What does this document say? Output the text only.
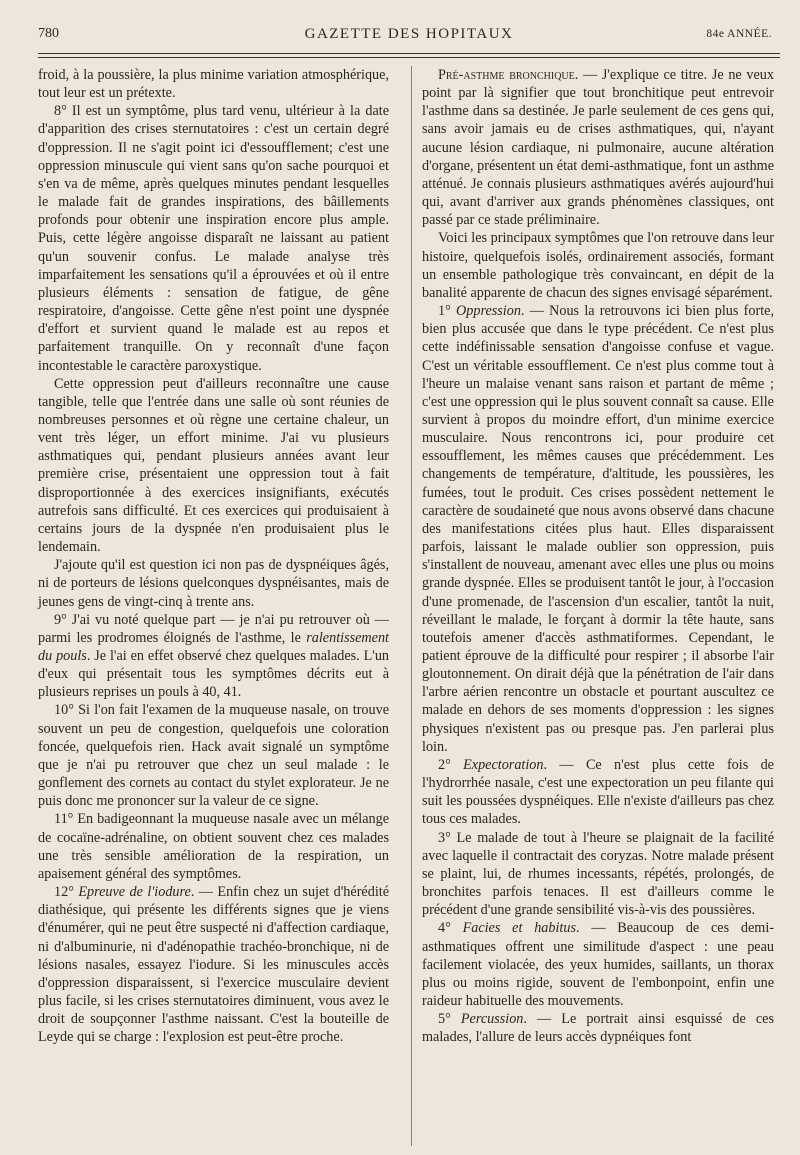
780	GAZETTE DES HOPITAUX	84e ANNÉE.

froid, à la poussière, la plus minime variation atmosphérique, tout leur est un prétexte.

8° Il est un symptôme, plus tard venu, ultérieur à la date d'apparition des crises sternutatoires : c'est un certain degré d'oppression. Il ne s'agit point ici d'essoufflement; c'est une oppression minuscule qui vient sans qu'on sache pourquoi et s'en va de même, après quelques minutes pendant lesquelles le malade fait de grandes inspirations, des bâillements profonds pour obtenir une inspiration encore plus ample. Puis, cette légère angoisse disparaît ne laissant au patient qu'un souvenir confus. Le malade analyse très imparfaitement les sensations qu'il a éprouvées et où il entre plusieurs éléments : sensation de fatigue, de gêne respiratoire, d'angoisse. Cette gêne n'est point une dyspnée d'effort et survient quand le malade est au repos et parfaitement tranquille. On y reconnaît d'une façon incontestable le caractère paroxystique.

Cette oppression peut d'ailleurs reconnaître une cause tangible, telle que l'entrée dans une salle où sont réunies de nombreuses personnes et où règne une certaine chaleur, un vent très léger, un effort minime. J'ai vu plusieurs asthmatiques qui, pendant plusieurs années avant leur première crise, présentaient une oppression tout à fait disproportionnée à des exercices insignifiants, exécutés autrefois sans difficulté. Et ces exercices qui produisaient à certains jours de la dyspnée n'en produisaient plus le lendemain.

J'ajoute qu'il est question ici non pas de dyspnéiques âgés, ni de porteurs de lésions quelconques dyspnéisantes, mais de jeunes gens de vingt-cinq à trente ans.

9° J'ai vu noté quelque part — je n'ai pu retrouver où — parmi les prodromes éloignés de l'asthme, le ralentissement du pouls. Je l'ai en effet observé chez quelques malades. L'un d'eux qui présentait tous les symptômes décrits eut à plusieurs reprises un pouls à 40, 41.

10° Si l'on fait l'examen de la muqueuse nasale, on trouve souvent un peu de congestion, quelquefois une coloration foncée, quelquefois rien. Hack avait signalé un symptôme que je n'ai pu retrouver que chez un seul malade : le gonflement des cornets au contact du stylet explorateur. Je ne puis donc me prononcer sur la valeur de ce signe.

11° En badigeonnant la muqueuse nasale avec un mélange de cocaïne-adrénaline, on obtient souvent chez ces malades une très sensible amélioration de la respiration, un apaisement général des symptômes.

12° Epreuve de l'iodure. — Enfin chez un sujet d'hérédité diathésique, qui présente les différents signes que je viens d'énumérer, qui ne peut être suspecté ni d'affection cardiaque, ni d'albuminurie, ni d'adénopathie trachéo-bronchique, ni de lésions nasales, essayez l'iodure. Si les minuscules accès d'oppression disparaissent, si l'exercice musculaire devient plus facile, si les crises sternutatoires diminuent, vous avez le droit de soupçonner l'asthme naissant. C'est la bouteille de Leyde qui se charge : l'explosion est peut-être proche.

Pré-asthme bronchique. — J'explique ce titre. Je ne veux point par là signifier que tout bronchitique peut entrevoir l'asthme dans sa destinée. Je parle seulement de ces gens qui, sans avoir jamais eu de crises asthmatiques, qui, n'ayant aucune lésion cardiaque, ni pulmonaire, aucune altération d'organe, présentent un état demi-asthmatique, font un asthme atténué. Je connais plusieurs asthmatiques avérés aujourd'hui qui, avant d'arriver aux grands phénomènes classiques, ont passé par ce stade préliminaire.

Voici les principaux symptômes que l'on retrouve dans leur histoire, quelquefois isolés, ordinairement associés, formant un ensemble pathologique très convaincant, en dépit de la banalité apparente de chacun des signes envisagé séparément.

1° Oppression. — Nous la retrouvons ici bien plus forte, bien plus accusée que dans le type précédent. Ce n'est plus cette indéfinissable sensation d'angoisse confuse et vague. C'est un véritable essoufflement. Ce n'est plus comme tout à l'heure un malaise venant sans raison et partant de même ; c'est une oppression qui le plus souvent connaît sa cause. Elle survient à propos du moindre effort, d'un minime exercice musculaire. Nous rencontrons ici, pour produire cet essoufflement, les mêmes causes que précédemment. Les changements de température, d'altitude, les poussières, les fumées, tout le produit. Ces crises possèdent nettement le caractère de soudaineté que nous avons observé dans chacune des manifestations citées plus haut. Elles disparaissent parfois, laissant le malade oublier son oppression, puis s'installent de nouveau, amenant avec elles une plus ou moins grande dyspnée. Elles se produisent tantôt le jour, à l'occasion d'une promenade, de l'ascension d'un escalier, tantôt la nuit, réveillant le malade, le forçant à dormir la tête haute, sans toutefois amener d'accès asthmatiformes. Cependant, le patient éprouve de la difficulté pour respirer ; il absorbe l'air gloutonnement. On dirait déjà que la pénétration de l'air dans l'arbre aérien rencontre un obstacle et pourtant auscultez ce malade en dehors de ses moments d'oppression : les signes physiques n'existent pas ou presque pas. J'en parlerai plus loin.

2° Expectoration. — Ce n'est plus cette fois de l'hydrorrhée nasale, c'est une expectoration un peu filante qui suit les poussées dyspnéiques. Elle n'existe d'ailleurs pas chez tous ces malades.

3° Le malade de tout à l'heure se plaignait de la facilité avec laquelle il contractait des coryzas. Notre malade présent se plaint, lui, de rhumes incessants, répétés, prolongés, de bronchites parfois tenaces. Il est d'ailleurs comme le précédent d'une grande sensibilité vis-à-vis des poussières.

4° Facies et habitus. — Beaucoup de ces demi-asthmatiques offrent une similitude d'aspect : une peau facilement violacée, des yeux humides, saillants, un thorax plus ou moins rigide, souvent de l'embonpoint, enfin une raideur habituelle des mouvements.

5° Percussion. — Le portrait ainsi esquissé de ces malades, l'allure de leurs accès dypnéiques font
